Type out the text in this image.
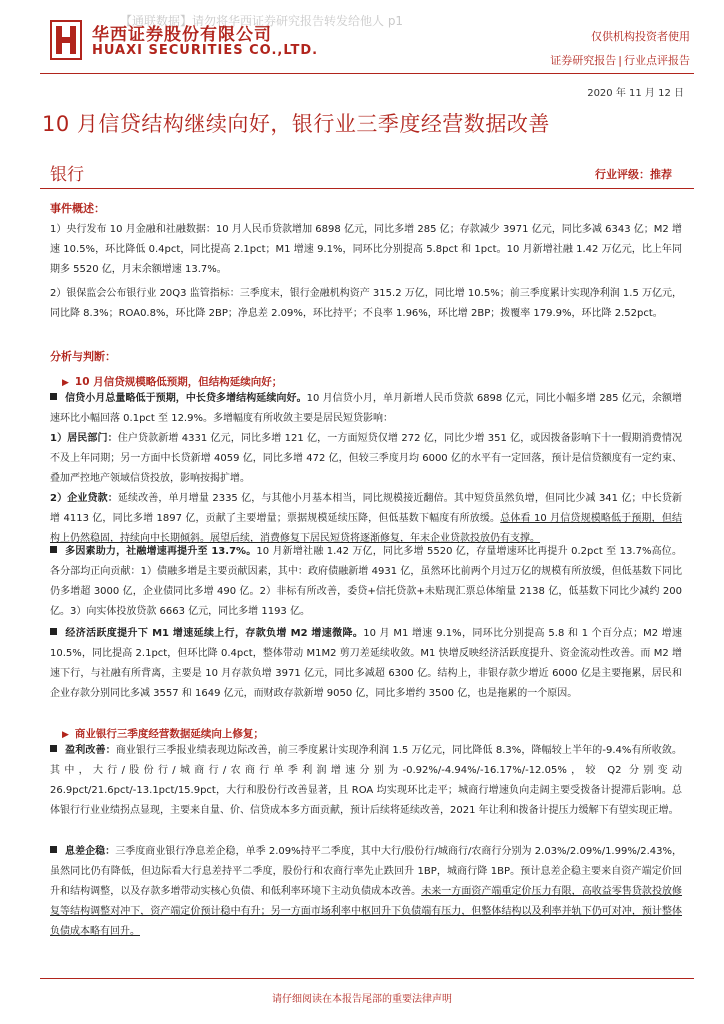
【通联数据】请勿将华西证券研究报告转发给他人 p1
华西证券股份有限公司
HUAXI SECURITIES CO.,LTD.
仅供机构投资者使用
证券研究报告 | 行业点评报告
2020 年 11 月 12 日
10 月信贷结构继续向好，银行业三季度经营数据改善
银行	行业评级：推荐
事件概述：
1）央行发布 10 月金融和社融数据：10 月人民币贷款增加 6898 亿元，同比多增 285 亿；存款减少 3971 亿元，同比多减 6343 亿；M2 增速 10.5%，环比降低 0.4pct，同比提高 2.1pct；M1 增速 9.1%，同环比分别提高 5.8pct 和 1pct。10 月新增社融 1.42 万亿元，比上年同期多 5520 亿，月末余额增速 13.7%。
2）银保监会公布银行业 20Q3 监管指标：三季度末，银行金融机构资产 315.2 万亿，同比增 10.5%；前三季度累计实现净利润 1.5 万亿元，同比降 8.3%；ROA0.8%，环比降 2BP；净息差 2.09%，环比持平；不良率 1.96%，环比增 2BP；拨覆率 179.9%，环比降 2.52pct。
分析与判断：
▶ 10 月信贷规模略低预期，但结构延续向好；
信贷小月总量略低于预期，中长贷多增结构延续向好。10 月信贷小月，单月新增人民币贷款 6898 亿元，同比小幅多增 285 亿元，余额增速环比小幅回落 0.1pct 至 12.9%。多增幅度有所收敛主要是居民短贷影响：
1）居民部门：住户贷款新增 4331 亿元，同比多增 121 亿，一方面短贷仅增 272 亿，同比少增 351 亿，或因拨备影响下十一假期消费情况不及上年同期；另一方面中长贷新增 4059 亿，同比多增 472 亿，但较三季度月均 6000 亿的水平有一定回落，预计是信贷额度有一定约束、叠加严控地产领域信贷投放，影响按揭扩增。
2）企业贷款：延续改善，单月增量 2335 亿，与其他小月基本相当，同比规模接近翻倍。其中短贷虽然负增，但同比少减 341 亿；中长贷新增 4113 亿，同比多增 1897 亿，贡献了主要增量；票据规模延续压降，但低基数下幅度有所放缓。总体看 10 月信贷规模略低于预期，但结构上仍然稳固，持续向中长期倾斜。展望后续，消费修复下居民短贷将逐渐修复，年末企业贷款投放仍有支撑。
多因素助力，社融增速再提升至 13.7%。10 月新增社融 1.42 万亿，同比多增 5520 亿，存量增速环比再提升 0.2pct 至 13.7%高位。各分部均正向贡献：1）债融多增是主要贡献因素，其中：政府债融新增 4931 亿，虽然环比前两个月过万亿的规模有所放缓，但低基数下同比仍多增超 3000 亿，企业债同比多增 490 亿。2）非标有所改善，委贷+信托贷款+未贴现汇票总体缩量 2138 亿，低基数下同比少减约 200 亿。3）向实体投放贷款 6663 亿元，同比多增 1193 亿。
经济活跃度提升下 M1 增速延续上行，存款负增 M2 增速微降。10 月 M1 增速 9.1%，同环比分别提高 5.8 和 1 个百分点；M2 增速 10.5%，同比提高 2.1pct，但环比降 0.4pct，整体带动 M1M2 剪刀差延续收敛。M1 快增反映经济活跃度提升、资金流动性改善。而 M2 增速下行，与社融有所背离，主要是 10 月存款负增 3971 亿元，同比多减超 6300 亿。结构上，非银存款少增近 6000 亿是主要拖累，居民和企业存款分别同比多减 3557 和 1649 亿元，而财政存款新增 9050 亿，同比多增约 3500 亿，也是拖累的一个原因。
▶ 商业银行三季度经营数据延续向上修复；
盈利改善：商业银行三季报业绩表现边际改善，前三季度累计实现净利润 1.5 万亿元，同比降低 8.3%，降幅较上半年的-9.4%有所收敛。其中，大行/股份行/城商行/农商行单季利润增速分别为-0.92%/-4.94%/-16.17%/-12.05%，较 Q2 分别变动 26.9pct/21.6pct/-13.1pct/15.9pct，大行和股份行改善显著，且 ROA 均实现环比走平；城商行增速负向走阔主要受拨备计提滞后影响。总体银行行业业绩拐点显现，主要来自量、价、信贷成本多方面贡献，预计后续将延续改善，2021 年让利和拨备计提压力缓解下有望实现正增。
息差企稳：三季度商业银行净息差企稳，单季 2.09%持平二季度，其中大行/股份行/城商行/农商行分别为 2.03%/2.09%/1.99%/2.43%，虽然同比仍有降低，但边际看大行息差持平二季度，股份行和农商行率先止跌回升 1BP，城商行降 1BP。预计息差企稳主要来自资产端定价回升和结构调整，以及存款多增带动实核心负债、和低利率环境下主动负债成本改善。未来一方面资产端重定价压力有限，高收益零售贷款投放修复等结构调整对冲下，资产端定价预计稳中有升；另一方面市场利率中枢回升下负债端有压力，但整体结构以及利率并轨下仍可对冲，预计整体负债成本略有回升。
请仔细阅读在本报告尾部的重要法律声明
